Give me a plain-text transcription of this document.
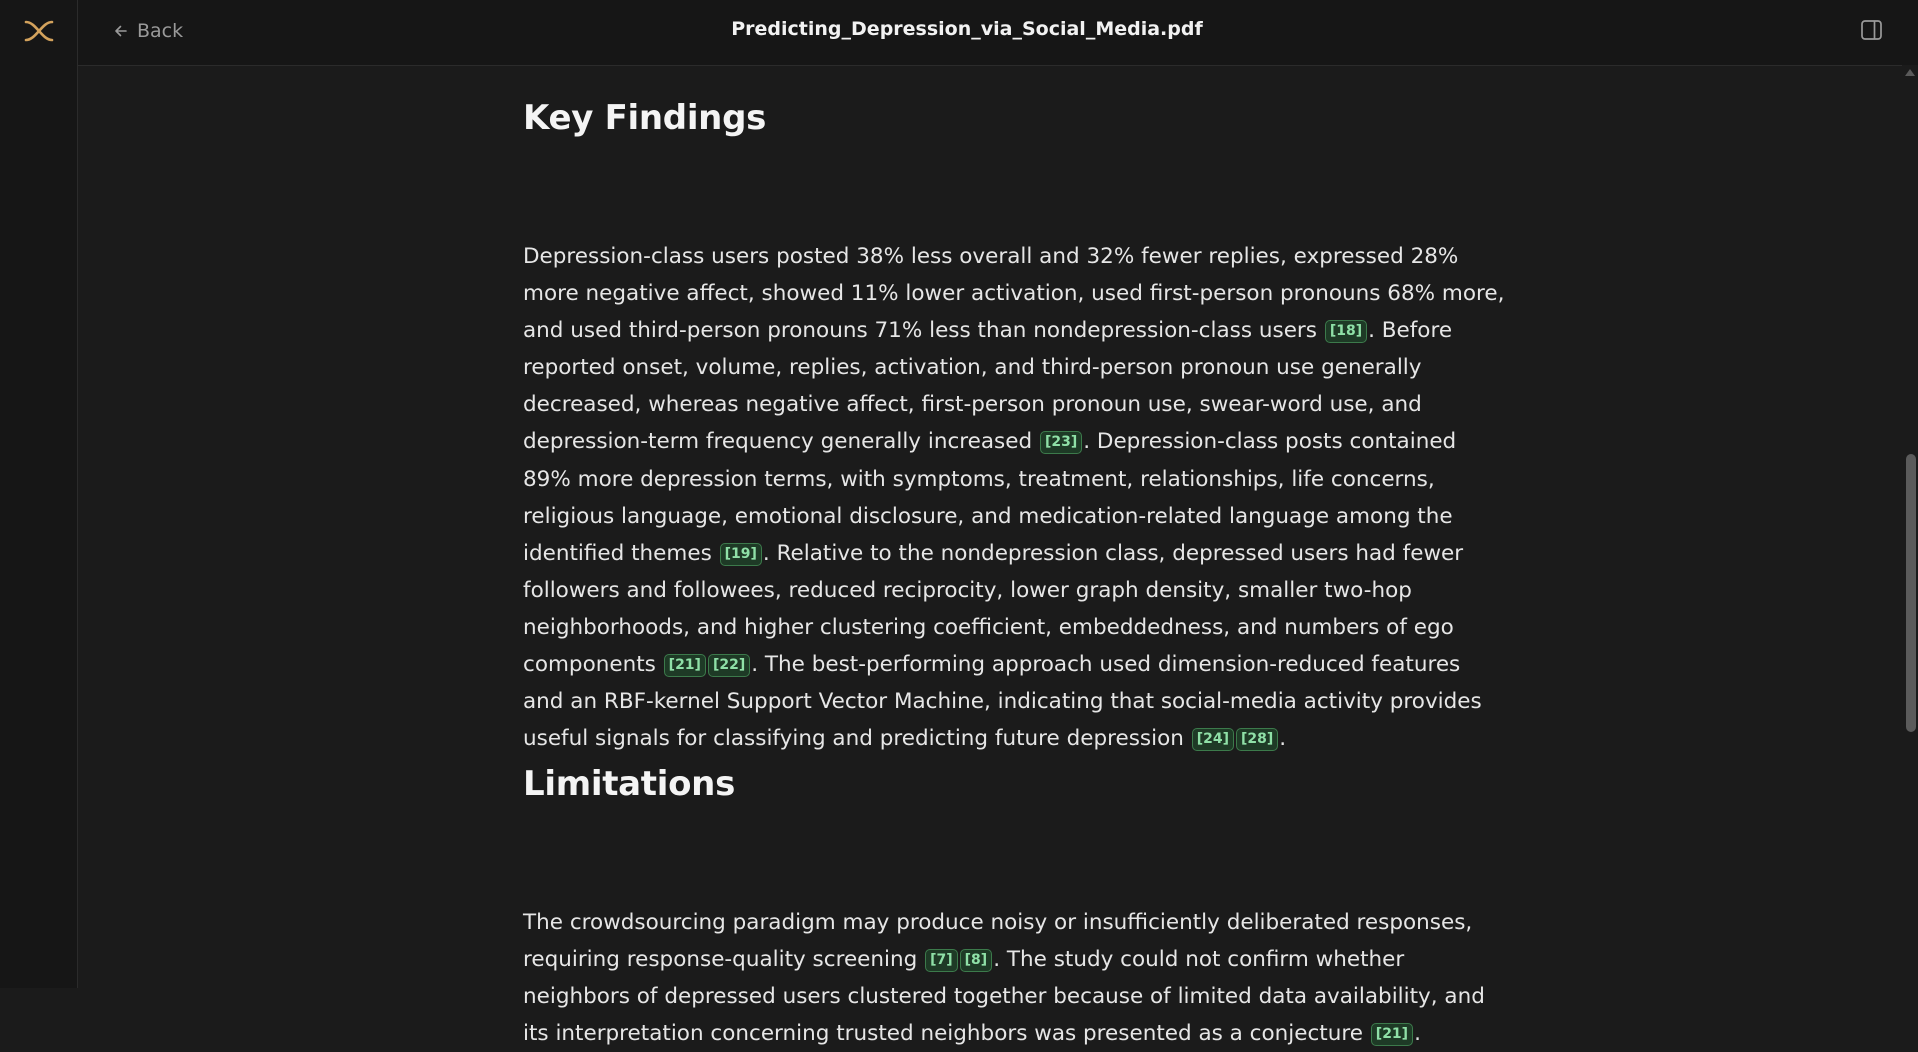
Back	Predicting_Depression_via_Social_Media.pdf
Key Findings

Depression-class users posted 38% less overall and 32% fewer replies, expressed 28%
more negative affect, showed 11% lower activation, used first-person pronouns 68% more,
and used third-person pronouns 71% less than nondepression-class users [18] . Before
reported onset, volume, replies, activation, and third-person pronoun use generally
decreased, whereas negative affect, first-person pronoun use, swear-word use, and
depression-term frequency generally increased [23] . Depression-class posts contained
89% more depression terms, with symptoms, treatment, relationships, life concerns,
religious language, emotional disclosure, and medication-related language among the
identified themes [19] . Relative to the nondepression class, depressed users had fewer
followers and followees, reduced reciprocity, lower graph density, smaller two-hop
neighborhoods, and higher clustering coefficient, embeddedness, and numbers of ego
components [21] [22] . The best-performing approach used dimension-reduced features
and an RBF-kernel Support Vector Machine, indicating that social-media activity provides
useful signals for classifying and predicting future depression [24] [28] .

Limitations

The crowdsourcing paradigm may produce noisy or insufficiently deliberated responses,
requiring response-quality screening [7] [8] . The study could not confirm whether
neighbors of depressed users clustered together because of limited data availability, and
its interpretation concerning trusted neighbors was presented as a conjecture [21] .
